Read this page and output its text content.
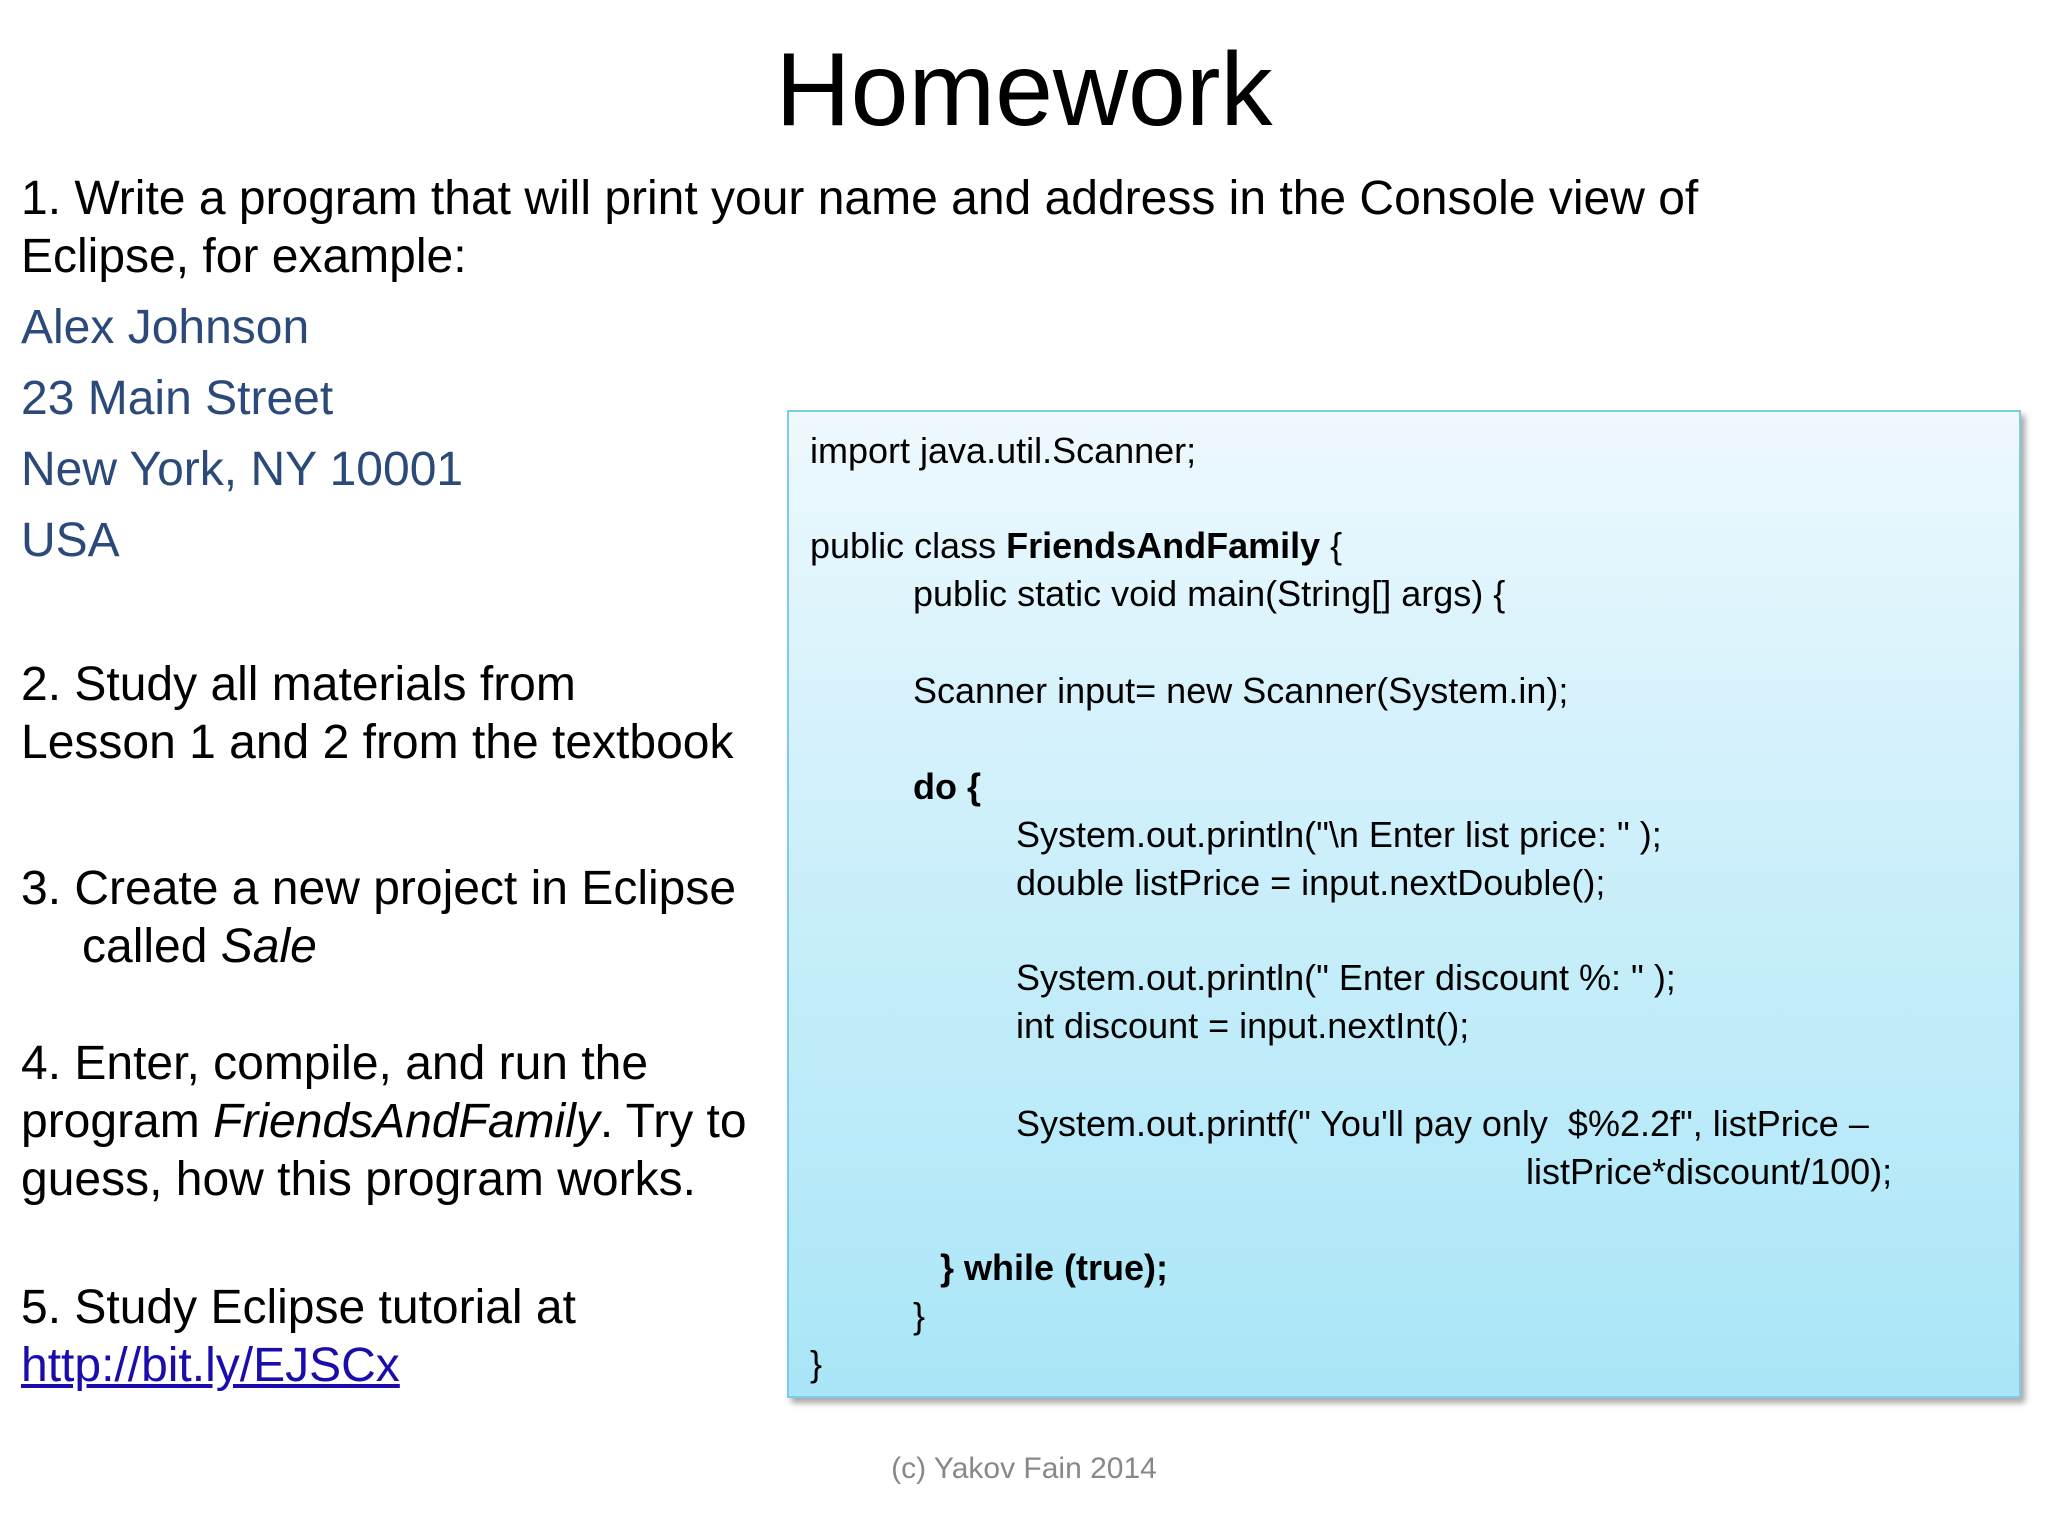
Homework
1. Write a program that will print your name and address in the Console view of
Eclipse, for example:
Alex Johnson
23 Main Street
New York, NY 10001
USA
2. Study all materials from
Lesson 1 and 2 from the textbook
3. Create a new project in Eclipse
called Sale
4. Enter, compile, and run the
program FriendsAndFamily. Try to
guess, how this program works.
5. Study Eclipse tutorial at
http://bit.ly/EJSCx
import java.util.Scanner;
public class FriendsAndFamily {
public static void main(String[] args) {
Scanner input= new Scanner(System.in);
do {
System.out.println("\n Enter list price: " );
double listPrice = input.nextDouble();
System.out.println(" Enter discount %: " );
int discount = input.nextInt();
System.out.printf(" You'll pay only  $%2.2f", listPrice –
listPrice*discount/100);
} while (true);
}
}
(c) Yakov Fain 2014
